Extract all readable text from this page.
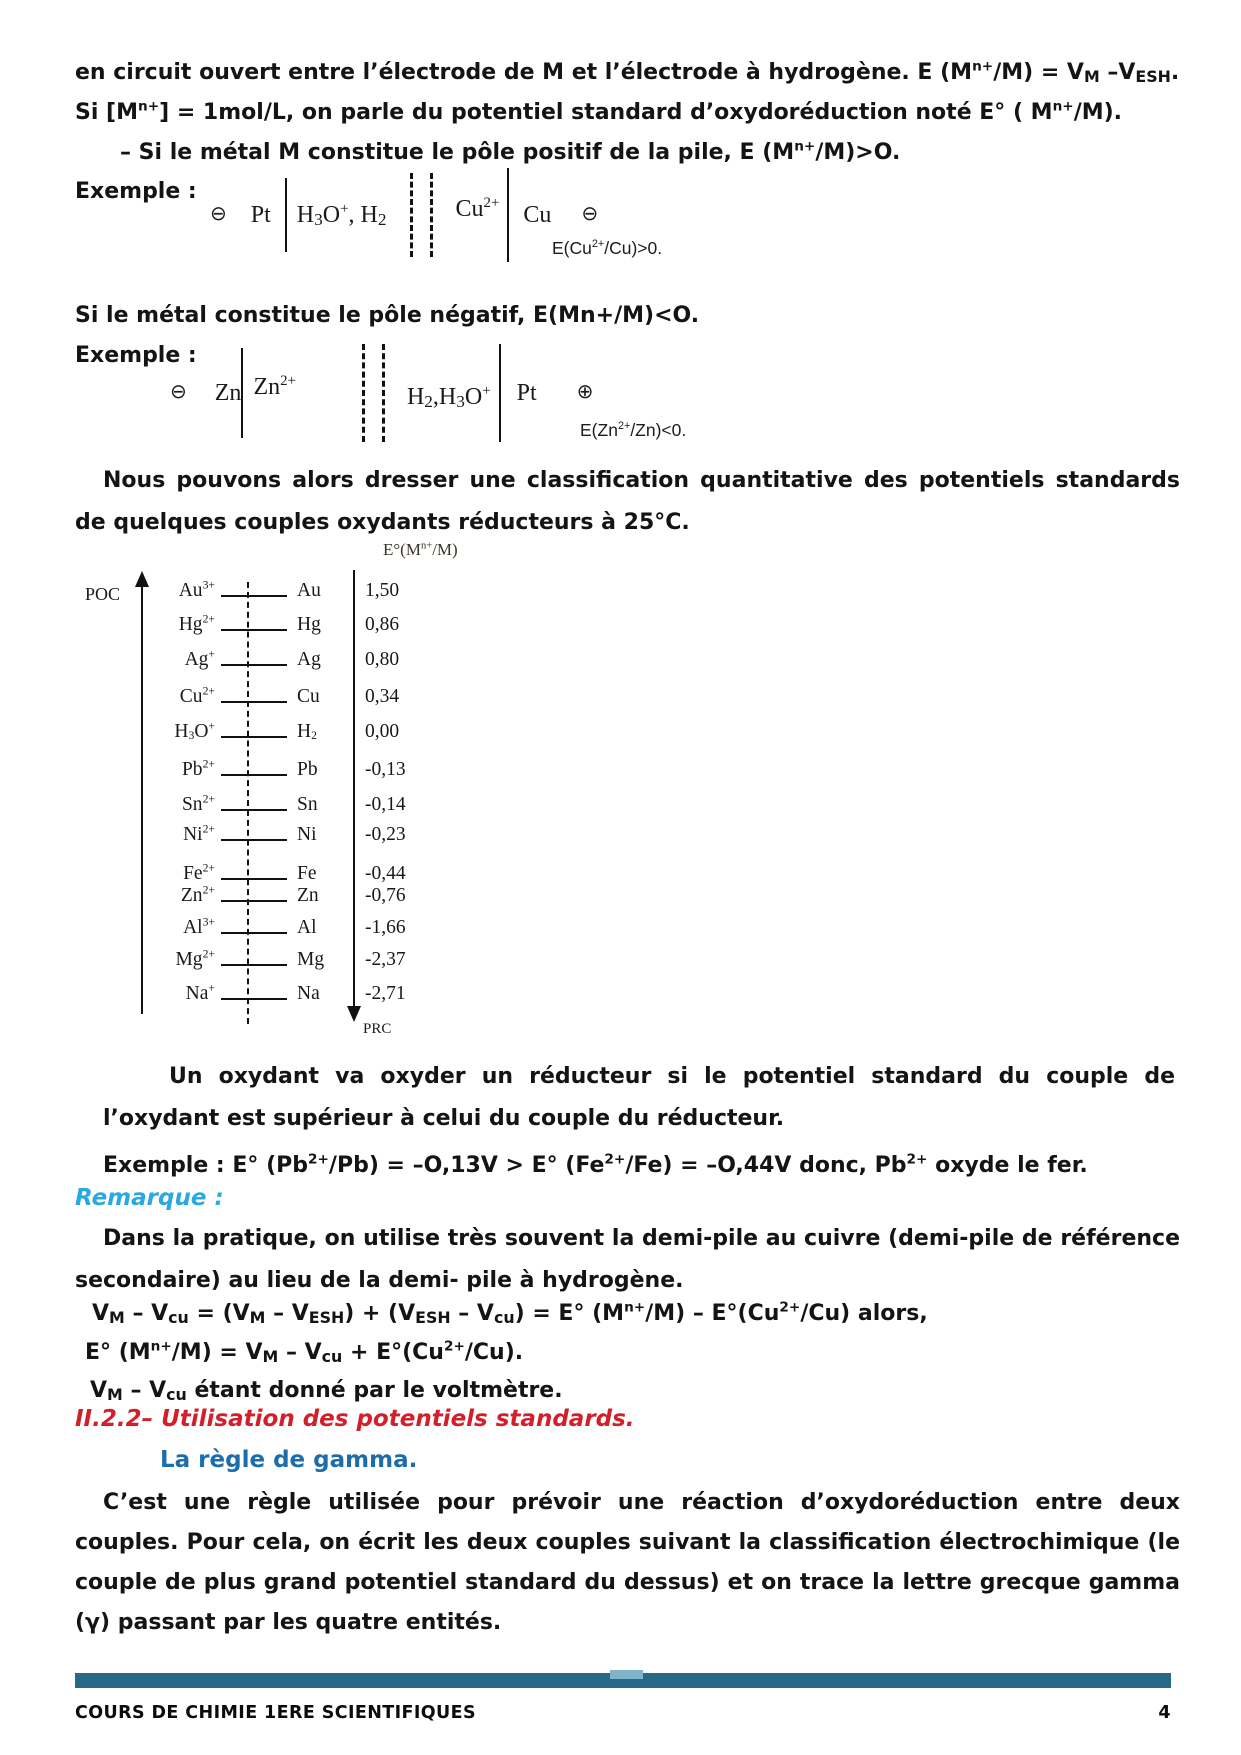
en circuit ouvert entre l’électrode de M et l’électrode à hydrogène. E $(M^{n+}/M) = V_M$ $-V_{ESH}$.
Si $[M^{n+}] = 1mol/L$, on parle du potentiel standard d’oxydoréduction noté E° ( $M^{n+}/M$).
– Si le métal M constitue le pôle positif de la pile, E $(M^{n+}/M)>O$.
Exemple :
⊖ Pt $H_3O^+$, $H_2$	$Cu^{2+}$ Cu ⊖
$E(Cu^{2+}/Cu)>0$.
Si le métal constitue le pôle négatif, E(Mn+/M)<O.
Exemple :
⊖ Zn $Zn^{2+}$
$H_2,H_3O^+$ Pt ⊕
$E(Zn^{2+}/Zn)<0$.
Nous pouvons alors dresser une classification quantitative des potentiels standards de quelques couples oxydants réducteurs à 25°C.
$E^\circ(M^{n+}/M)$
POC
PRC
$Au^{3+}$	Au 1,50
$Hg^{2+}$	Hg 0,86
Ag+	Ag 0,80
$Cu^{2+}$	Cu 0,34
$H_3O^+$	$H_2$ 0,00
$Pb^{2+}$	Pb -0,13
$Sn^{2+}$	Sn -0,14
$Ni^{2+}$	Ni -0,23
$Fe^{2+}$	Fe -0,44
$Zn^{2+}$	Zn -0,76
$Al^{3+}$	Al -1,66
$Mg^{2+}$	Mg -2,37
Na+	Na -2,71
Un oxydant va oxyder un réducteur si le potentiel standard du couple de l’oxydant est supérieur à celui du couple du réducteur.
Exemple : E° $(Pb^{2+}/Pb) = -O,13V > E^\circ$ $(Fe^{2+}/Fe) = -O,44V$ donc, $Pb^{2+}$ oxyde le fer.
Remarque :
Dans la pratique, on utilise très souvent la demi-pile au cuivre (demi-pile de référence secondaire) au lieu de la demi- pile à hydrogène.
$V_M - V_{cu} = (V_M - V_{ESH}) + (V_{ESH} - V_{cu}) = E^\circ$ $(M^{n+}/M) - E^\circ(Cu^{2+}/Cu)$ alors,
E° $(M^{n+}/M) = V_M - V_{cu} + E^\circ(Cu^{2+}/Cu)$.
$V_M - V_{cu}$ étant donné par le voltmètre.
II.2.2– Utilisation des potentiels standards.
La règle de gamma.
C’est une règle utilisée pour prévoir une réaction d’oxydoréduction entre deux couples. Pour cela, on écrit les deux couples suivant la classification électrochimique (le couple de plus grand potentiel standard du dessus) et on trace la lettre grecque gamma (γ) passant par les quatre entités.
COURS DE CHIMIE 1ERE SCIENTIFIQUES	4
